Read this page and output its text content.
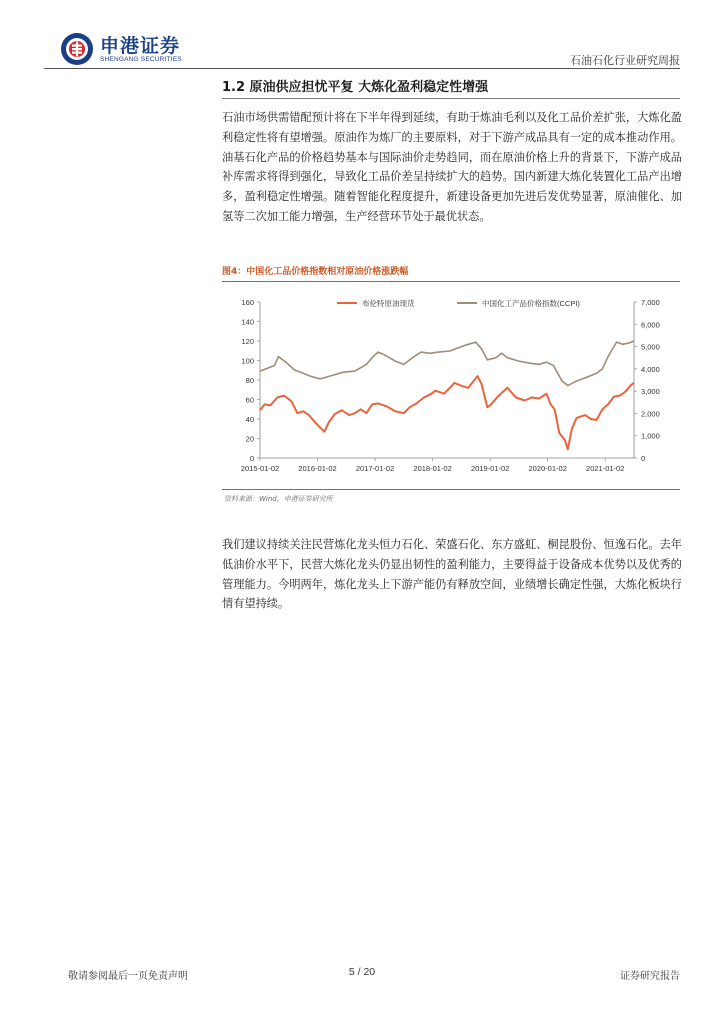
申港证券
SHENGANG SECURITIES	石油石化行业研究周报
1.2 原油供应担忧平复 大炼化盈利稳定性增强
石油市场供需错配预计将在下半年得到延续，有助于炼油毛利以及化工品价差扩张，大炼化盈利稳定性将有望增强。原油作为炼厂的主要原料，对于下游产成品具有一定的成本推动作用。油基石化产品的价格趋势基本与国际油价走势趋同，而在原油价格上升的背景下，下游产成品补库需求将得到强化，导致化工品价差呈持续扩大的趋势。国内新建大炼化装置化工品产出增多，盈利稳定性增强。随着智能化程度提升，新建设备更加先进后发优势显著，原油催化、加氢等二次加工能力增强，生产经营环节处于最优状态。
图4：中国化工品价格指数相对原油价格涨跌幅
0
20
40
60
80
100
120
140
160
0
1,000
2,000
3,000
4,000
5,000
6,000
7,000
2015-01-02	2016-01-02	2017-01-02	2018-01-02	2019-01-02	2020-01-02	2021-01-02
布伦特原油现货	中国化工产品价格指数(CCPI)
资料来源：Wind，申港证券研究所
我们建议持续关注民营炼化龙头恒力石化、荣盛石化、东方盛虹、桐昆股份、恒逸石化。去年低油价水平下，民营大炼化龙头仍显出韧性的盈利能力，主要得益于设备成本优势以及优秀的管理能力。今明两年，炼化龙头上下游产能仍有释放空间，业绩增长确定性强，大炼化板块行情有望持续。
敬请参阅最后一页免责声明	5 / 20	证券研究报告
